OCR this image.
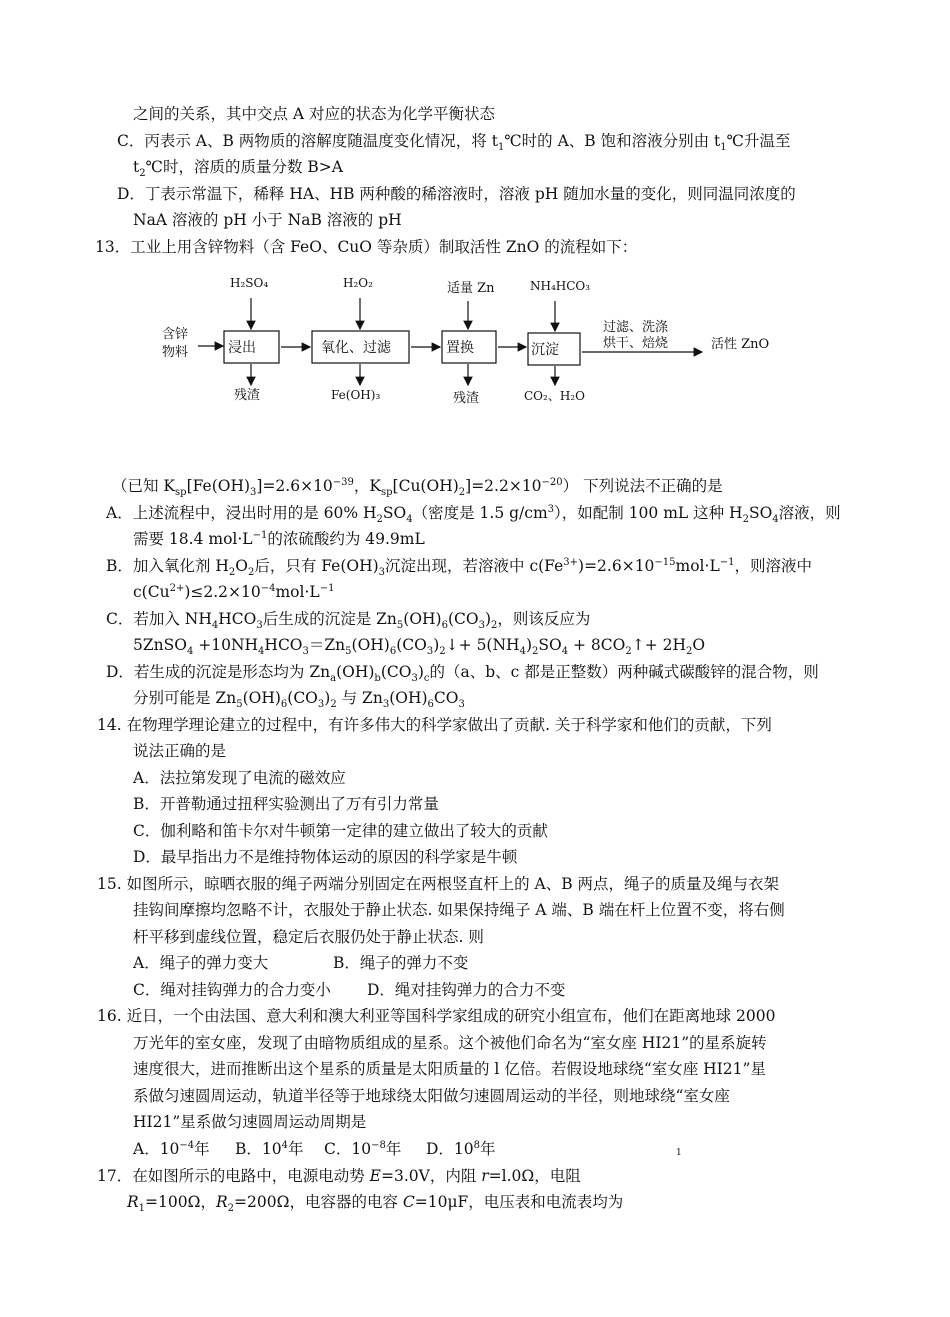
之间的关系，其中交点 A 对应的状态为化学平衡状态
C．丙表示 A、B 两物质的溶解度随温度变化情况，将 $t_1℃$时的 A、B 饱和溶液分别由 $t_1℃$升温至
$t_2℃$时，溶质的质量分数 B>A
D．丁表示常温下，稀释 HA、HB 两种酸的稀溶液时，溶液 pH 随加水量的变化，则同温同浓度的
NaA 溶液的 pH 小于 NaB 溶液的 pH
13．工业上用含锌物料（含 FeO、CuO 等杂质）制取活性 ZnO 的流程如下：
含锌
物料	浸出
H₂SO₄
残渣
氧化、过滤
H₂O₂
Fe(OH)₃
置换
适量 Zn
残渣
沉淀
NH₄HCO₃
CO₂、H₂O
过滤、洗涤
烘干、焙烧	活性 ZnO
（已知 $K_{sp}[Fe(OH)_3]=2.6\times 10^{-39}$，$K_{sp}[Cu(OH)_2]=2.2\times 10^{-20}$） 下列说法不正确的是
A．上述流程中，浸出时用的是 60% $H_2SO_4$（密度是 1.5 $g/cm^3$），如配制 100 mL 这种 $H_2SO_4$溶液，则
需要 18.4 $mol\cdot L^{-1}$的浓硫酸约为 49.9mL
B．加入氧化剂 $H_2O_2$后，只有 $Fe(OH)_3$沉淀出现，若溶液中 $c(Fe^{3+})=2.6\times 10^{-15}mol\cdot L^{-1}$，则溶液中
$c(Cu^{2+})\le 2.2\times 10^{-4}mol\cdot L^{-1}$
C．若加入 $NH_4HCO_3$后生成的沉淀是 $Zn_5(OH)_6(CO_3)_2$，则该反应为
5ZnSO$_4$ $+10NH_4HCO_3=Zn_5(OH)_6(CO_3)_2↓+ 5(NH_4)_2SO_4$ + $8CO_2↑+ 2H_2O$
D．若生成的沉淀是形态均为 $Zn_a(OH)_b(CO_3)_c$的（a、b、c 都是正整数）两种碱式碳酸锌的混合物，则
分别可能是 $Zn_5(OH)_6(CO_3)_2$ 与 $Zn_3(OH)_6CO_3$
14. 在物理学理论建立的过程中，有许多伟大的科学家做出了贡献. 关于科学家和他们的贡献，下列
说法正确的是
A．法拉第发现了电流的磁效应
B．开普勒通过扭秤实验测出了万有引力常量
C．伽利略和笛卡尔对牛顿第一定律的建立做出了较大的贡献
D．最早指出力不是维持物体运动的原因的科学家是牛顿
15. 如图所示，晾晒衣服的绳子两端分别固定在两根竖直杆上的 A、B 两点，绳子的质量及绳与衣架
挂钩间摩擦均忽略不计，衣服处于静止状态. 如果保持绳子 A 端、B 端在杆上位置不变，将右侧
杆平移到虚线位置，稳定后衣服仍处于静止状态. 则
A．绳子的弹力变大	B．绳子的弹力不变
C．绳对挂钩弹力的合力变小 D．绳对挂钩弹力的合力不变
16. 近日，一个由法国、意大利和澳大利亚等国科学家组成的研究小组宣布，他们在距离地球 2000
万光年的室女座，发现了由暗物质组成的星系。这个被他们命名为“室女座 HI21”的星系旋转
速度很大，进而推断出这个星系的质量是太阳质量的 l 亿倍。若假设地球绕“室女座 HI21”星
系做匀速圆周运动，轨道半径等于地球绕太阳做匀速圆周运动的半径，则地球绕“室女座
HI21”星系做匀速圆周运动周期是
A．$10^{-4}$年 B．$10^4$年 C．$10^{-8}$年 D．$10^8$年	1
17．在如图所示的电路中，电源电动势 E=3.0V，内阻 r=l.0Ω，电阻
$R_1=100\Omega$，$R_2=200\Omega$，电容器的电容 C=10μF，电压表和电流表均为
